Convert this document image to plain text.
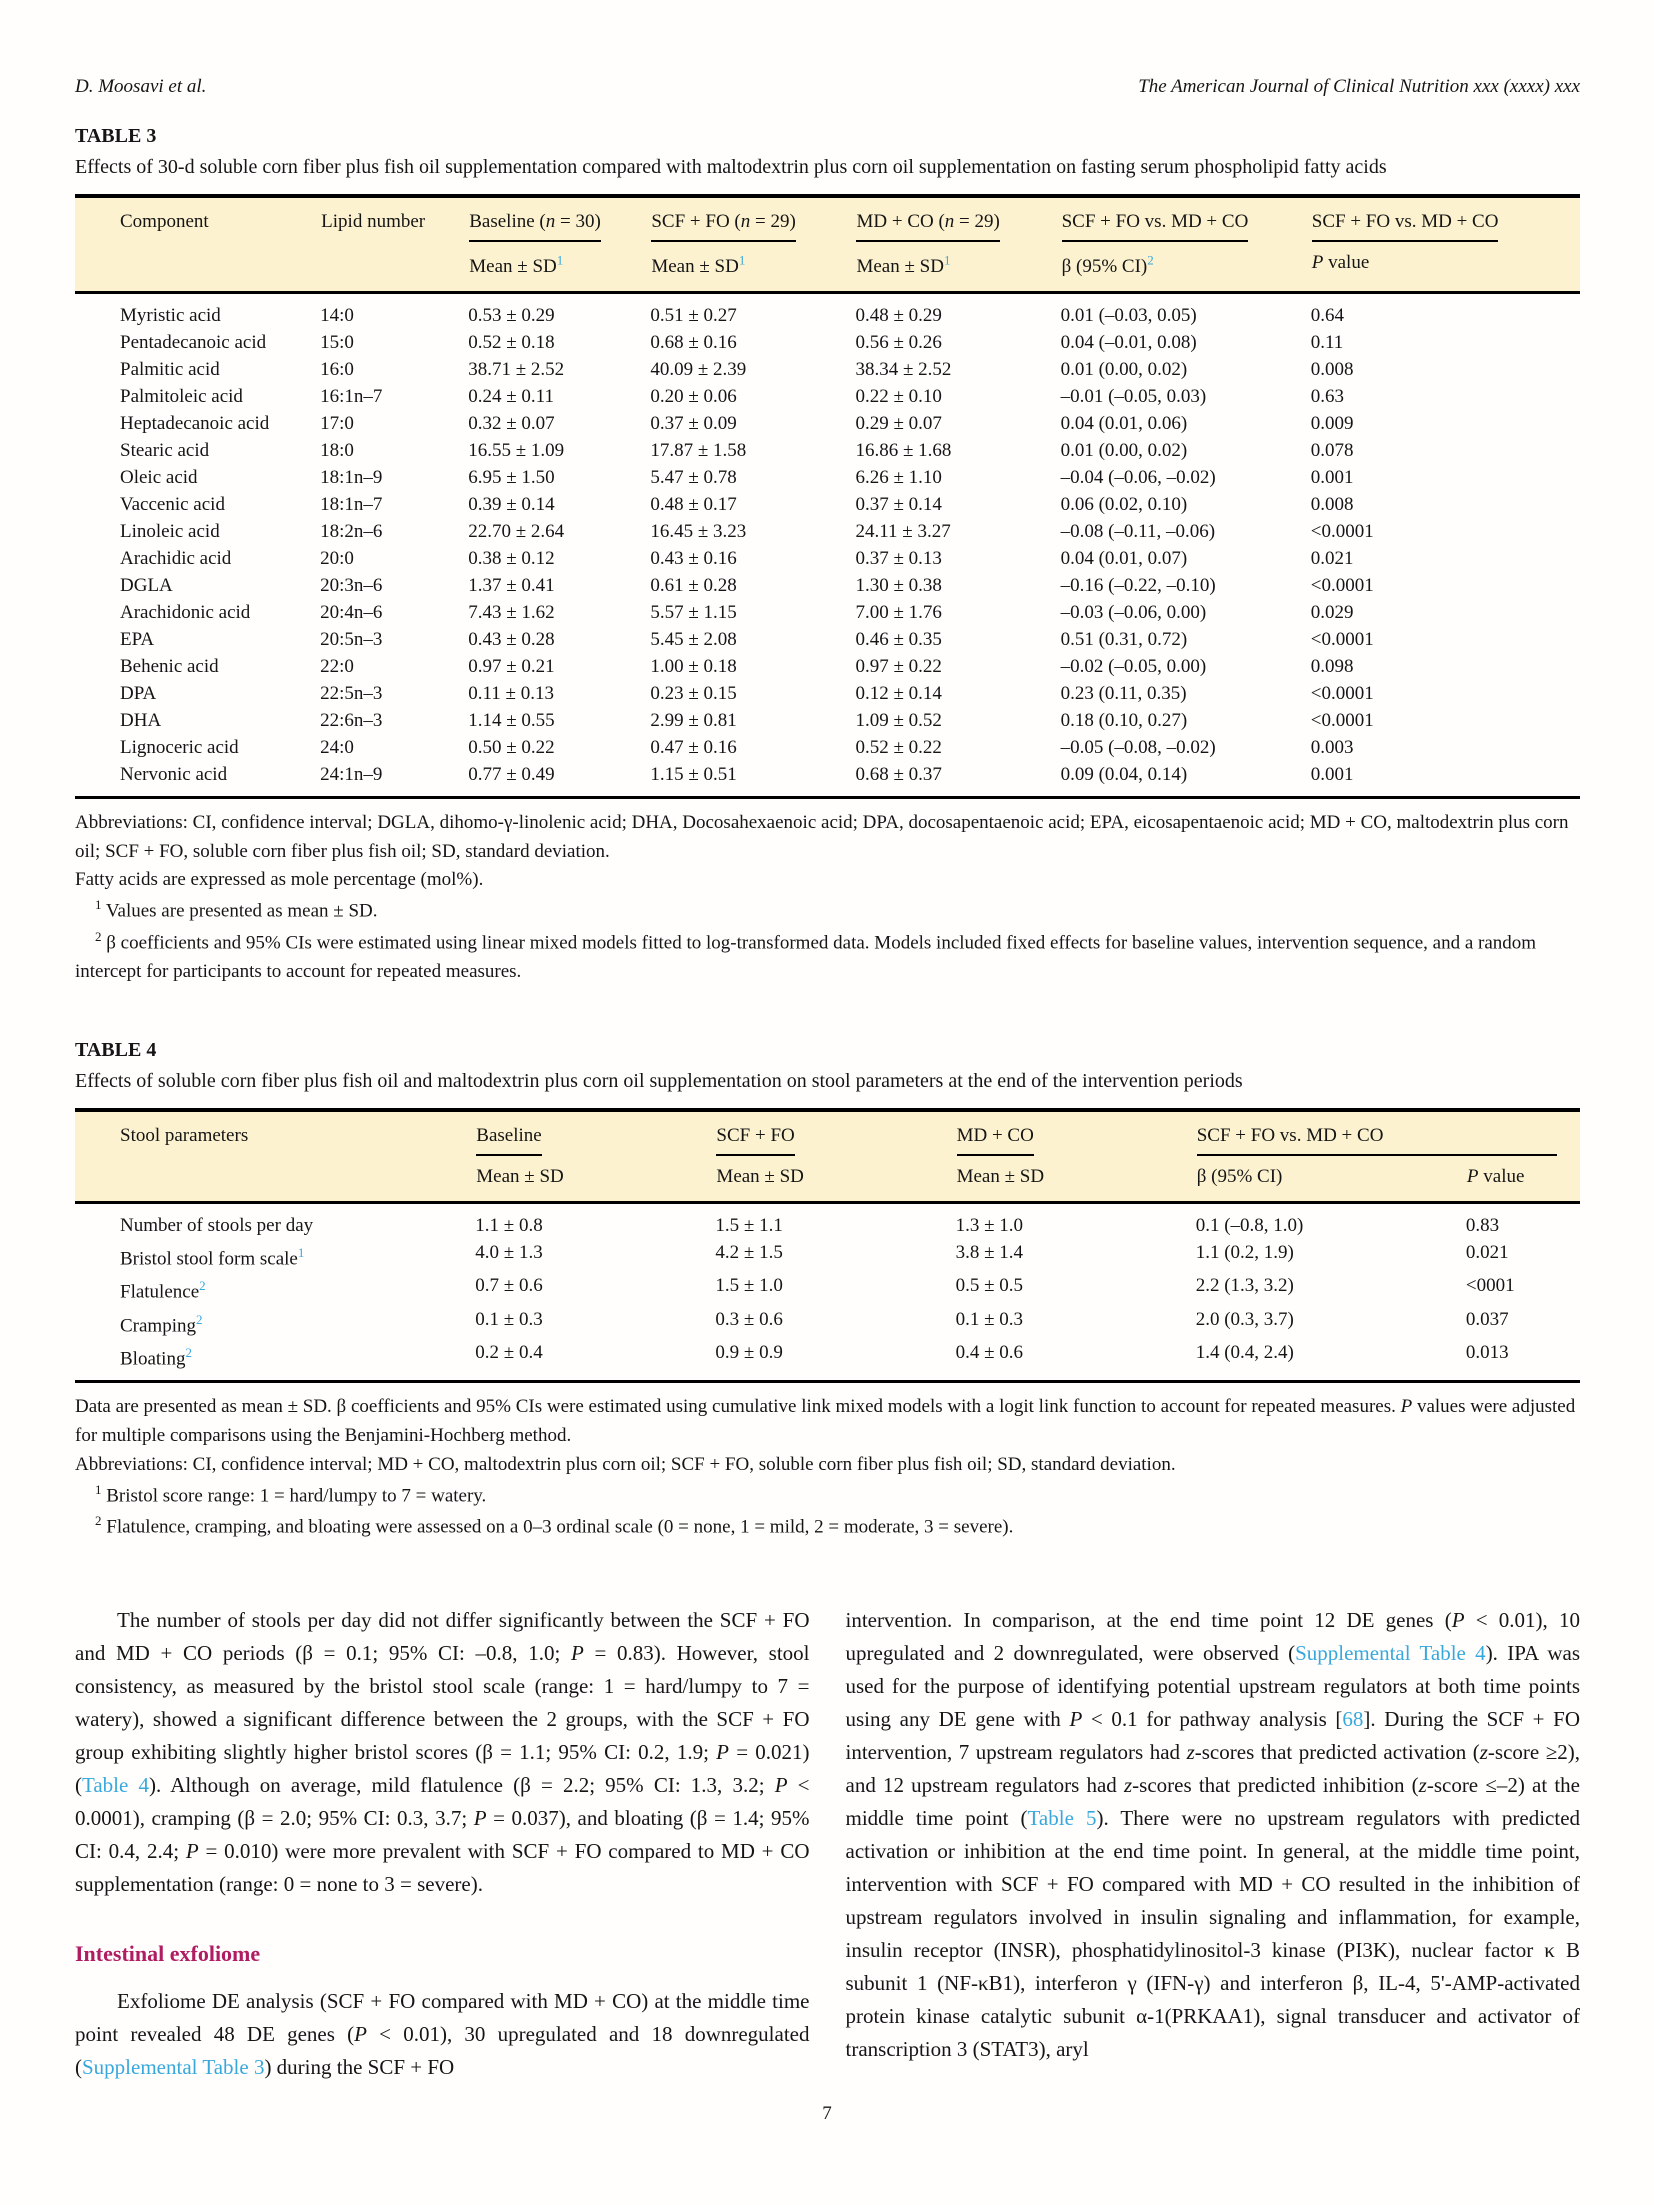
D. Moosavi et al.	The American Journal of Clinical Nutrition xxx (xxxx) xxx
TABLE 3
Effects of 30-d soluble corn fiber plus fish oil supplementation compared with maltodextrin plus corn oil supplementation on fasting serum phospholipid fatty acids
Component	Lipid number	Baseline (n = 30)	SCF + FO (n = 29)	MD + CO (n = 29)	SCF + FO vs. MD + CO	SCF + FO vs. MD + CO
		Mean ± $SD^1$	Mean ± $SD^1$	Mean ± $SD^1$	β (95% CI)$^2$	P value
Myristic acid	14:0	0.53 ± 0.29	0.51 ± 0.27	0.48 ± 0.29	0.01 (–0.03, 0.05)	0.64
Pentadecanoic acid	15:0	0.52 ± 0.18	0.68 ± 0.16	0.56 ± 0.26	0.04 (–0.01, 0.08)	0.11
Palmitic acid	16:0	38.71 ± 2.52	40.09 ± 2.39	38.34 ± 2.52	0.01 (0.00, 0.02)	0.008
Palmitoleic acid	16:1n–7	0.24 ± 0.11	0.20 ± 0.06	0.22 ± 0.10	–0.01 (–0.05, 0.03)	0.63
Heptadecanoic acid	17:0	0.32 ± 0.07	0.37 ± 0.09	0.29 ± 0.07	0.04 (0.01, 0.06)	0.009
Stearic acid	18:0	16.55 ± 1.09	17.87 ± 1.58	16.86 ± 1.68	0.01 (0.00, 0.02)	0.078
Oleic acid	18:1n–9	6.95 ± 1.50	5.47 ± 0.78	6.26 ± 1.10	–0.04 (–0.06, –0.02)	0.001
Vaccenic acid	18:1n–7	0.39 ± 0.14	0.48 ± 0.17	0.37 ± 0.14	0.06 (0.02, 0.10)	0.008
Linoleic acid	18:2n–6	22.70 ± 2.64	16.45 ± 3.23	24.11 ± 3.27	–0.08 (–0.11, –0.06)	<0.0001
Arachidic acid	20:0	0.38 ± 0.12	0.43 ± 0.16	0.37 ± 0.13	0.04 (0.01, 0.07)	0.021
DGLA	20:3n–6	1.37 ± 0.41	0.61 ± 0.28	1.30 ± 0.38	–0.16 (–0.22, –0.10)	<0.0001
Arachidonic acid	20:4n–6	7.43 ± 1.62	5.57 ± 1.15	7.00 ± 1.76	–0.03 (–0.06, 0.00)	0.029
EPA	20:5n–3	0.43 ± 0.28	5.45 ± 2.08	0.46 ± 0.35	0.51 (0.31, 0.72)	<0.0001
Behenic acid	22:0	0.97 ± 0.21	1.00 ± 0.18	0.97 ± 0.22	–0.02 (–0.05, 0.00)	0.098
DPA	22:5n–3	0.11 ± 0.13	0.23 ± 0.15	0.12 ± 0.14	0.23 (0.11, 0.35)	<0.0001
DHA	22:6n–3	1.14 ± 0.55	2.99 ± 0.81	1.09 ± 0.52	0.18 (0.10, 0.27)	<0.0001
Lignoceric acid	24:0	0.50 ± 0.22	0.47 ± 0.16	0.52 ± 0.22	–0.05 (–0.08, –0.02)	0.003
Nervonic acid	24:1n–9	0.77 ± 0.49	1.15 ± 0.51	0.68 ± 0.37	0.09 (0.04, 0.14)	0.001
Abbreviations: CI, confidence interval; DGLA, dihomo-γ-linolenic acid; DHA, Docosahexaenoic acid; DPA, docosapentaenoic acid; EPA, eicosapentaenoic acid; MD + CO, maltodextrin plus corn oil; SCF + FO, soluble corn fiber plus fish oil; SD, standard deviation.
Fatty acids are expressed as mole percentage (mol%).
$^1$ Values are presented as mean ± SD.
$^2$ β coefficients and 95% CIs were estimated using linear mixed models fitted to log-transformed data. Models included fixed effects for baseline values, intervention sequence, and a random intercept for participants to account for repeated measures.
TABLE 4
Effects of soluble corn fiber plus fish oil and maltodextrin plus corn oil supplementation on stool parameters at the end of the intervention periods
Stool parameters	Baseline	SCF + FO	MD + CO	SCF + FO vs. MD + CO	

	Mean ± SD	Mean ± SD	Mean ± SD	β (95% CI)	P value
Number of stools per day	1.1 ± 0.8	1.5 ± 1.1	1.3 ± 1.0	0.1 (–0.8, 1.0)	0.83
Bristol stool form scale$^1$	4.0 ± 1.3	4.2 ± 1.5	3.8 ± 1.4	1.1 (0.2, 1.9)	0.021
Flatulence$^2$	0.7 ± 0.6	1.5 ± 1.0	0.5 ± 0.5	2.2 (1.3, 3.2)	<0001
Cramping$^2$	0.1 ± 0.3	0.3 ± 0.6	0.1 ± 0.3	2.0 (0.3, 3.7)	0.037
Bloating$^2$	0.2 ± 0.4	0.9 ± 0.9	0.4 ± 0.6	1.4 (0.4, 2.4)	0.013
Data are presented as mean ± SD. β coefficients and 95% CIs were estimated using cumulative link mixed models with a logit link function to account for repeated measures. P values were adjusted for multiple comparisons using the Benjamini-Hochberg method.
Abbreviations: CI, confidence interval; MD + CO, maltodextrin plus corn oil; SCF + FO, soluble corn fiber plus fish oil; SD, standard deviation.
$^1$ Bristol score range: 1 = hard/lumpy to 7 = watery.
$^2$ Flatulence, cramping, and bloating were assessed on a 0–3 ordinal scale (0 = none, 1 = mild, 2 = moderate, 3 = severe).

The number of stools per day did not differ significantly between the SCF + FO and MD + CO periods (β = 0.1; 95% CI: –0.8, 1.0; P = 0.83). However, stool consistency, as measured by the bristol stool scale (range: 1 = hard/lumpy to 7 = watery), showed a significant difference between the 2 groups, with the SCF + FO group exhibiting slightly higher bristol scores (β = 1.1; 95% CI: 0.2, 1.9; P = 0.021) (Table 4). Although on average, mild flatulence (β = 2.2; 95% CI: 1.3, 3.2; P < 0.0001), cramping (β = 2.0; 95% CI: 0.3, 3.7; P = 0.037), and bloating (β = 1.4; 95% CI: 0.4, 2.4; P = 0.010) were more prevalent with SCF + FO compared to MD + CO supplementation (range: 0 = none to 3 = severe).

Intestinal exfoliome

Exfoliome DE analysis (SCF + FO compared with MD + CO) at the middle time point revealed 48 DE genes (P < 0.01), 30 upregulated and 18 downregulated (Supplemental Table 3) during the SCF + FO

intervention. In comparison, at the end time point 12 DE genes (P < 0.01), 10 upregulated and 2 downregulated, were observed (Supplemental Table 4). IPA was used for the purpose of identifying potential upstream regulators at both time points using any DE gene with P < 0.1 for pathway analysis [68]. During the SCF + FO intervention, 7 upstream regulators had z-scores that predicted activation (z-score ≥2), and 12 upstream regulators had z-scores that predicted inhibition (z-score ≤–2) at the middle time point (Table 5). There were no upstream regulators with predicted activation or inhibition at the end time point. In general, at the middle time point, intervention with SCF + FO compared with MD + CO resulted in the inhibition of upstream regulators involved in insulin signaling and inflammation, for example, insulin receptor (INSR), phosphatidylinositol-3 kinase (PI3K), nuclear factor κ B subunit 1 (NF-κB1), interferon γ (IFN-γ) and interferon β, IL-4, 5'-AMP-activated protein kinase catalytic subunit α-1(PRKAA1), signal transducer and activator of transcription 3 (STAT3), aryl

7
